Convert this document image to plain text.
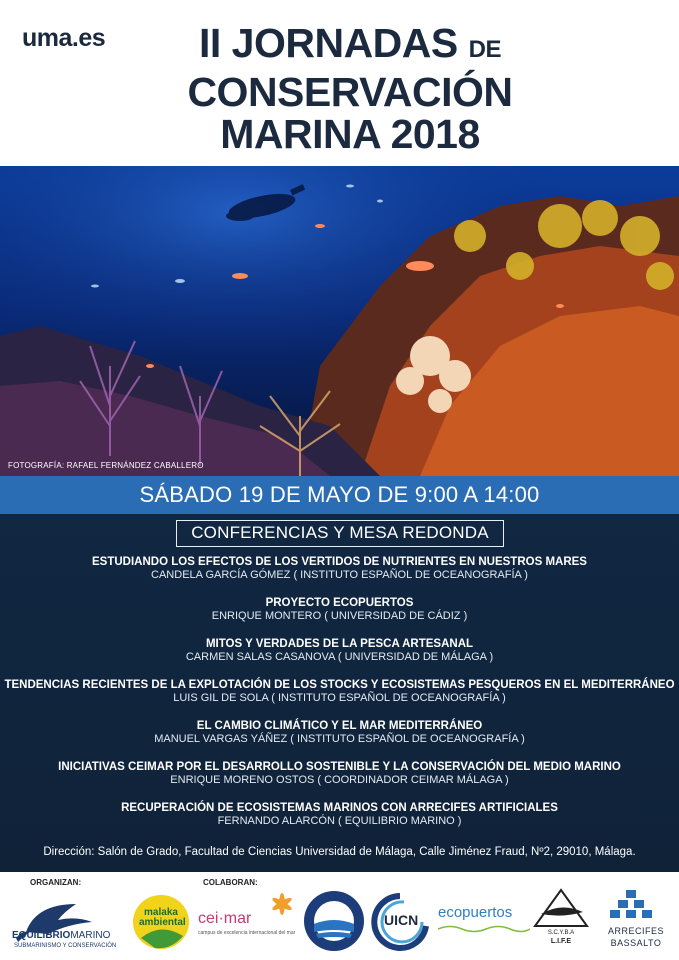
uma.es	II JORNADAS DE
CONSERVACIÓN
MARINA 2018
FOTOGRAFÍA: RAFAEL FERNÁNDEZ CABALLERO
SÁBADO 19 DE MAYO DE 9:00 A 14:00
CONFERENCIAS Y MESA REDONDA
ESTUDIANDO LOS EFECTOS DE LOS VERTIDOS DE NUTRIENTES EN NUESTROS MARES
CANDELA GARCÍA GÓMEZ ( INSTITUTO ESPAÑOL DE OCEANOGRAFÍA )
PROYECTO ECOPUERTOS
ENRIQUE MONTERO ( UNIVERSIDAD DE CÁDIZ )
MITOS Y VERDADES DE LA PESCA ARTESANAL
CARMEN SALAS CASANOVA ( UNIVERSIDAD DE MÁLAGA )
TENDENCIAS RECIENTES DE LA EXPLOTACIÓN DE LOS STOCKS Y ECOSISTEMAS PESQUEROS EN EL MEDITERRÁNEO
LUIS GIL DE SOLA ( INSTITUTO ESPAÑOL DE OCEANOGRAFÍA )
EL CAMBIO CLIMÁTICO Y EL MAR MEDITERRÁNEO
MANUEL VARGAS YÁÑEZ ( INSTITUTO ESPAÑOL DE OCEANOGRAFÍA )
INICIATIVAS CEIMAR POR EL DESARROLLO SOSTENIBLE Y LA CONSERVACIÓN DEL MEDIO MARINO
ENRIQUE MORENO OSTOS ( COORDINADOR CEIMAR MÁLAGA )
RECUPERACIÓN DE ECOSISTEMAS MARINOS CON ARRECIFES ARTIFICIALES
FERNANDO ALARCÓN ( EQUILIBRIO MARINO )
Dirección: Salón de Grado, Facultad de Ciencias Universidad de Málaga, Calle Jiménez Fraud, Nº2, 29010, Málaga.
ORGANIZAN:	COLABORAN:
EQUILIBRIOMARINO
SUBMARINISMO Y CONSERVACIÓN
malaka
ambiental cei·mar
campus de excelencia internacional del mar
UICN ecopuertos
S.C.Y.B.A
L.I.F.E
ARRECIFES
BASSALTO
